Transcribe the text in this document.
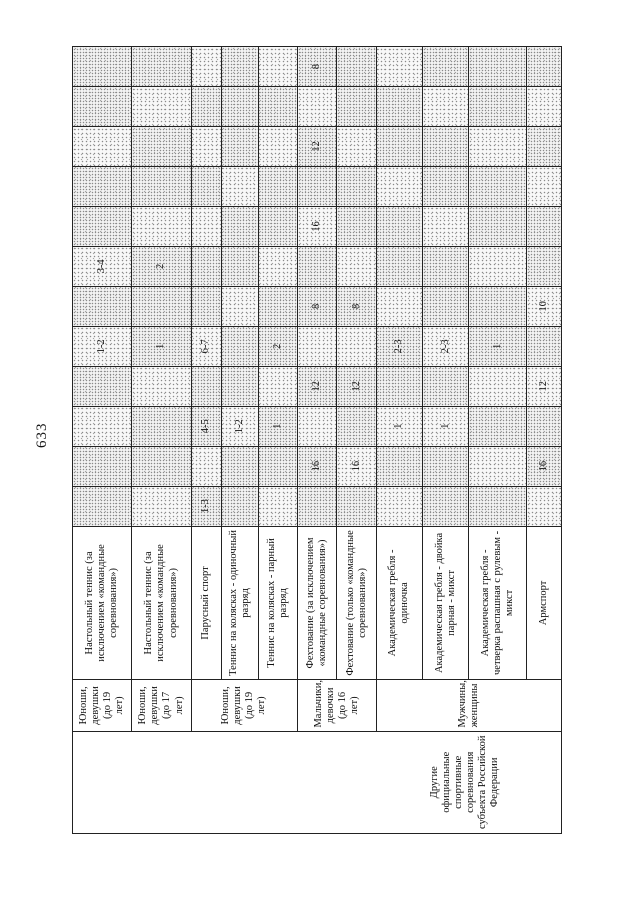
633
Другие официальные спортивные соревнования субъекта Российской Федерации	Юноши, девушки (до 19 лет)	Настольный теннис (за исключением «командные соревнования»)					1-2		3-4					
	Юноши, девушки (до 17 лет)	Настольный теннис (за исключением «командные соревнования»)					1		2					
	Юноши, девушки (до 19 лет)	Парусный спорт	1-3		4-5		6-7							
		Теннис на колясках - одиночный разряд			1-2									
		Теннис на колясках - парный разряд			1		2							
	Мальчики, девочки (до 16 лет)	Фехтование (за исключением «командные соревнования»)		16		12		8		16		12		8
		Фехтование (только «командные соревнования»)		16		12		8						
	Мужчины, женщины	Академическая гребля - одиночка			1		2-3							
		Академическая гребля - двойка парная - микст			1		2-3							
		Академическая гребля - четверка распашная с рулевым - микст					1							
		Армспорт		16		12		10						
